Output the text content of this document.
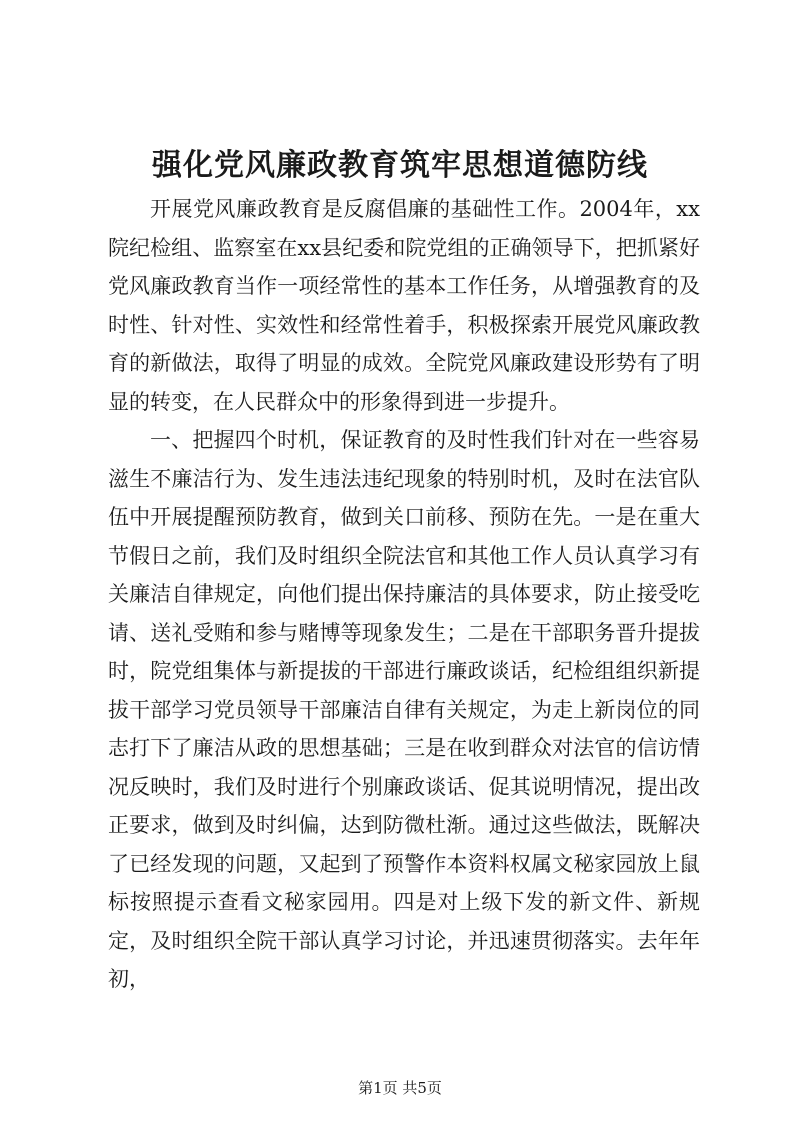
强化党风廉政教育筑牢思想道德防线

开展党风廉政教育是反腐倡廉的基础性工作。2004年，xx院纪检组、监察室在xx县纪委和院党组的正确领导下，把抓紧好党风廉政教育当作一项经常性的基本工作任务，从增强教育的及时性、针对性、实效性和经常性着手，积极探索开展党风廉政教育的新做法，取得了明显的成效。全院党风廉政建设形势有了明显的转变，在人民群众中的形象得到进一步提升。

一、把握四个时机，保证教育的及时性我们针对在一些容易滋生不廉洁行为、发生违法违纪现象的特别时机，及时在法官队伍中开展提醒预防教育，做到关口前移、预防在先。一是在重大节假日之前，我们及时组织全院法官和其他工作人员认真学习有关廉洁自律规定，向他们提出保持廉洁的具体要求，防止接受吃请、送礼受贿和参与赌博等现象发生；二是在干部职务晋升提拔时，院党组集体与新提拔的干部进行廉政谈话，纪检组组织新提拔干部学习党员领导干部廉洁自律有关规定，为走上新岗位的同志打下了廉洁从政的思想基础；三是在收到群众对法官的信访情况反映时，我们及时进行个别廉政谈话、促其说明情况，提出改正要求，做到及时纠偏，达到防微杜渐。通过这些做法，既解决了已经发现的问题，又起到了预警作本资料权属文秘家园放上鼠标按照提示查看文秘家园用。四是对上级下发的新文件、新规定，及时组织全院干部认真学习讨论，并迅速贯彻落实。去年年初，

第1页 共5页
